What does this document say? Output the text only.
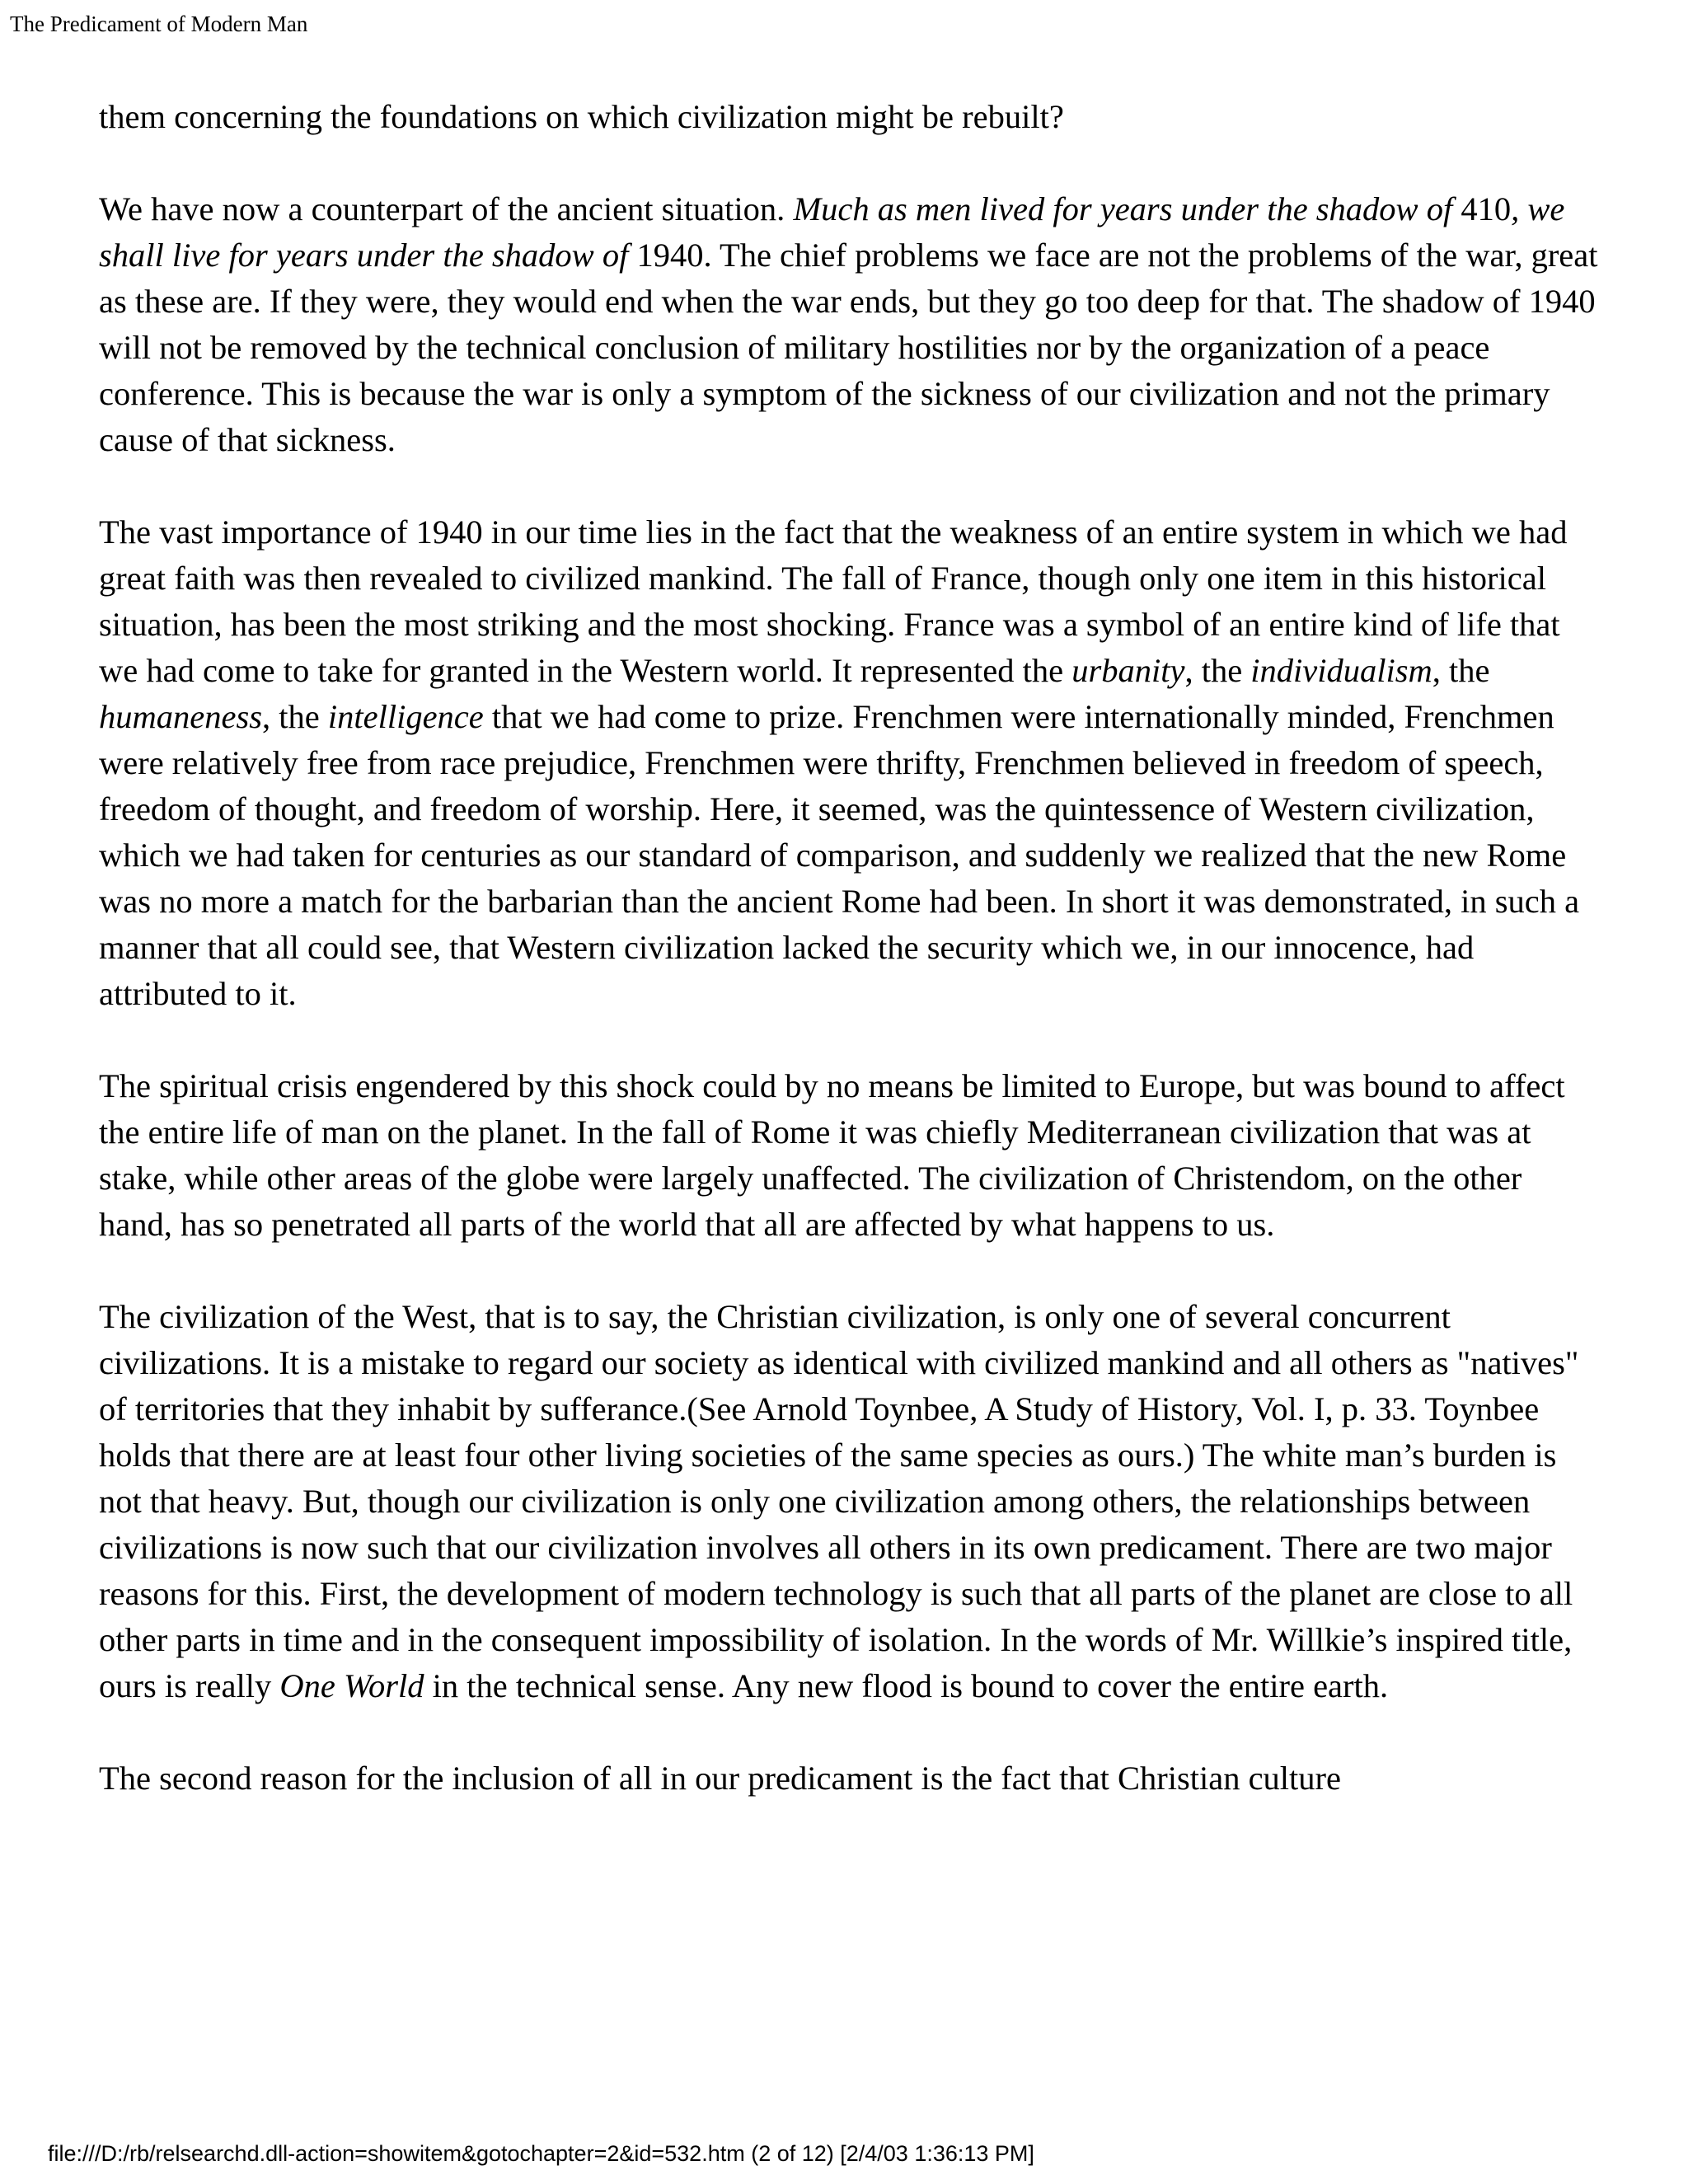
The Predicament of Modern Man

them concerning the foundations on which civilization might be rebuilt?

We have now a counterpart of the ancient situation. Much as men lived for years under the shadow of 410, we shall live for years under the shadow of 1940. The chief problems we face are not the problems of the war, great as these are. If they were, they would end when the war ends, but they go too deep for that. The shadow of 1940 will not be removed by the technical conclusion of military hostilities nor by the organization of a peace conference. This is because the war is only a symptom of the sickness of our civilization and not the primary cause of that sickness.

The vast importance of 1940 in our time lies in the fact that the weakness of an entire system in which we had great faith was then revealed to civilized mankind. The fall of France, though only one item in this historical situation, has been the most striking and the most shocking. France was a symbol of an entire kind of life that we had come to take for granted in the Western world. It represented the urbanity, the individualism, the humaneness, the intelligence that we had come to prize. Frenchmen were internationally minded, Frenchmen were relatively free from race prejudice, Frenchmen were thrifty, Frenchmen believed in freedom of speech, freedom of thought, and freedom of worship. Here, it seemed, was the quintessence of Western civilization, which we had taken for centuries as our standard of comparison, and suddenly we realized that the new Rome was no more a match for the barbarian than the ancient Rome had been. In short it was demonstrated, in such a manner that all could see, that Western civilization lacked the security which we, in our innocence, had attributed to it.

The spiritual crisis engendered by this shock could by no means be limited to Europe, but was bound to affect the entire life of man on the planet. In the fall of Rome it was chiefly Mediterranean civilization that was at stake, while other areas of the globe were largely unaffected. The civilization of Christendom, on the other hand, has so penetrated all parts of the world that all are affected by what happens to us.

The civilization of the West, that is to say, the Christian civilization, is only one of several concurrent civilizations. It is a mistake to regard our society as identical with civilized mankind and all others as "natives" of territories that they inhabit by sufferance.(See Arnold Toynbee, A Study of History, Vol. I, p. 33. Toynbee holds that there are at least four other living societies of the same species as ours.) The white man’s burden is not that heavy. But, though our civilization is only one civilization among others, the relationships between civilizations is now such that our civilization involves all others in its own predicament. There are two major reasons for this. First, the development of modern technology is such that all parts of the planet are close to all other parts in time and in the consequent impossibility of isolation. In the words of Mr. Willkie’s inspired title, ours is really One World in the technical sense. Any new flood is bound to cover the entire earth.

The second reason for the inclusion of all in our predicament is the fact that Christian culture

file:///D:/rb/relsearchd.dll-action=showitem&gotochapter=2&id=532.htm (2 of 12) [2/4/03 1:36:13 PM]
